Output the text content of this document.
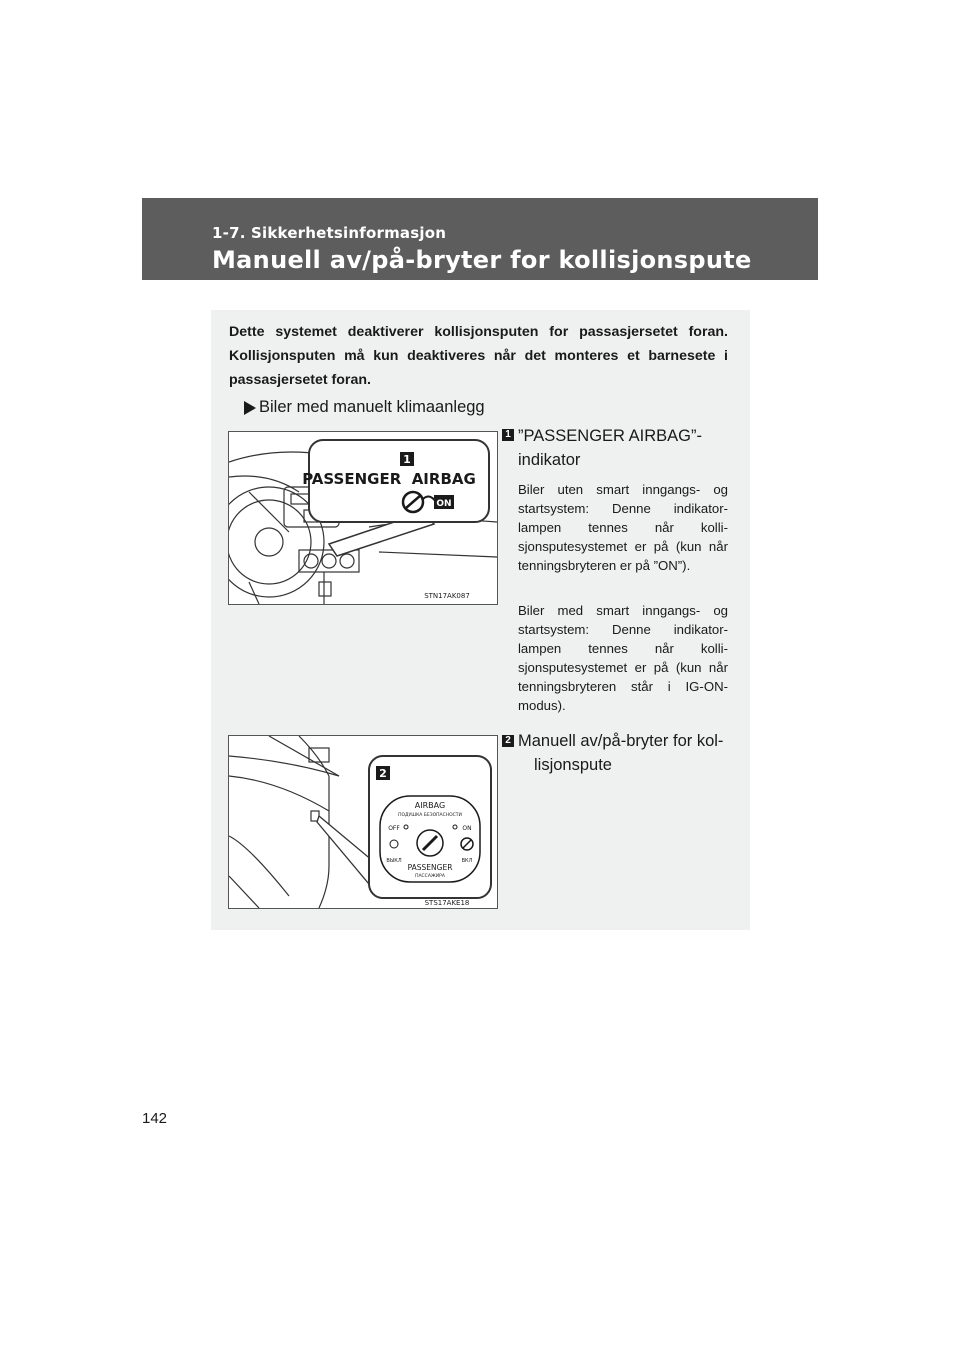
1-7. Sikkerhetsinformasjon
Manuell av/på-bryter for kollisjonspute
Dette systemet deaktiverer kollisjonsputen for passasjersetet foran. Kollisjonsputen må kun deaktiveres når det monteres et barnesete i passasjersetet foran.
Biler med manuelt klimaanlegg
1
PASSENGER  AIRBAG
ON
STN17AK087
1 ”PASSENGER AIRBAG”-
indikator
Biler uten smart inngangs- og startsystem: Denne indikator-lampen tennes når kolli-sjonsputesystemet er på (kun når tenningsbryteren er på ”ON”).
Biler med smart inngangs- og startsystem: Denne indikator-lampen tennes når kolli-sjonsputesystemet er på (kun når tenningsbryteren står i IG-ON-modus).
2
AIRBAG
ПОДУШКА БЕЗОПАСНОСТИ
OFF	ON
ВЫКЛ	ВКЛ
PASSENGER
ПАССАЖИРА
STS17AKE18
2 Manuell av/på-bryter for kol-
lisjonspute
142
